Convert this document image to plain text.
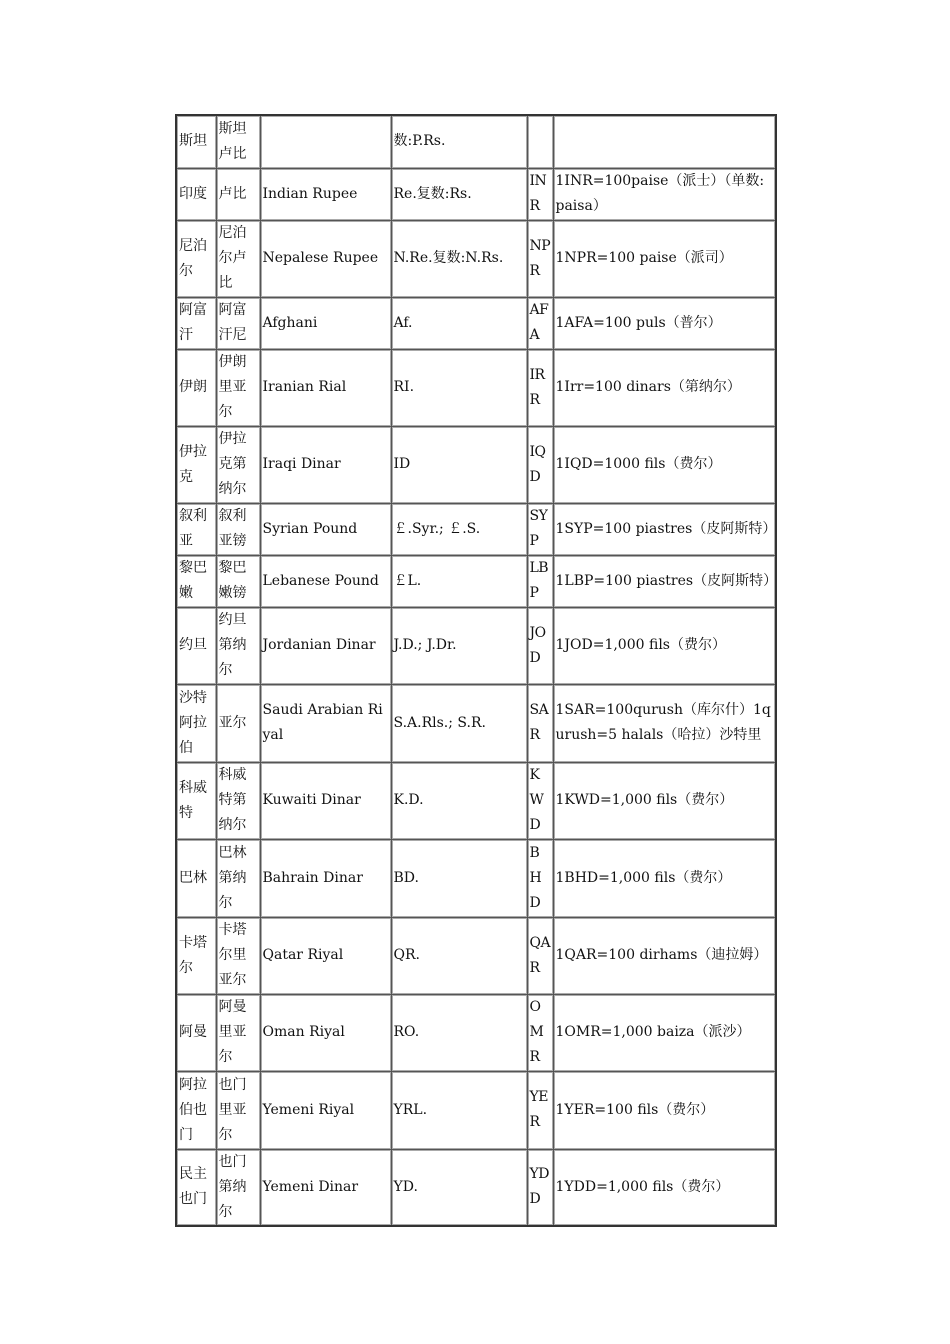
斯坦	斯坦卢比		数:P.Rs.		
印度	卢比	Indian Rupee	Re.复数:Rs.	INR	1INR=100paise（派士）（单数:paisa）
尼泊尔	尼泊尔卢比	Nepalese Rupee	N.Re.复数:N.Rs.	NPR	1NPR=100 paise（派司）
阿富汗	阿富汗尼	Afghani	Af.	AFA	1AFA=100 puls（普尔）
伊朗	伊朗里亚尔	Iranian Rial	RI.	IRR	1Irr=100 dinars（第纳尔）
伊拉克	伊拉克第纳尔	Iraqi Dinar	ID	IQD	1IQD=1000 fils（费尔）
叙利亚	叙利亚镑	Syrian Pound	￡.Syr.; ￡.S.	SYP	1SYP=100 piastres（皮阿斯特）
黎巴嫩	黎巴嫩镑	Lebanese Pound	￡L.	LBP	1LBP=100 piastres（皮阿斯特）
约旦	约旦第纳尔	Jordanian Dinar	J.D.; J.Dr.	JOD	1JOD=1,000 fils（费尔）
沙特阿拉伯	亚尔	Saudi Arabian Riyal	S.A.Rls.; S.R.	SAR	1SAR=100qurush（库尔什）1qurush=5 halals（哈拉）沙特里
科威特	科威特第纳尔	Kuwaiti Dinar	K.D.	KWD	1KWD=1,000 fils（费尔）
巴林	巴林第纳尔	Bahrain Dinar	BD.	BHD	1BHD=1,000 fils（费尔）
卡塔尔	卡塔尔里亚尔	Qatar Riyal	QR.	QAR	1QAR=100 dirhams（迪拉姆）
阿曼	阿曼里亚尔	Oman Riyal	RO.	OMR	1OMR=1,000 baiza（派沙）
阿拉伯也门	也门里亚尔	Yemeni Riyal	YRL.	YER	1YER=100 fils（费尔）
民主也门	也门第纳尔	Yemeni Dinar	YD.	YDD	1YDD=1,000 fils（费尔）
